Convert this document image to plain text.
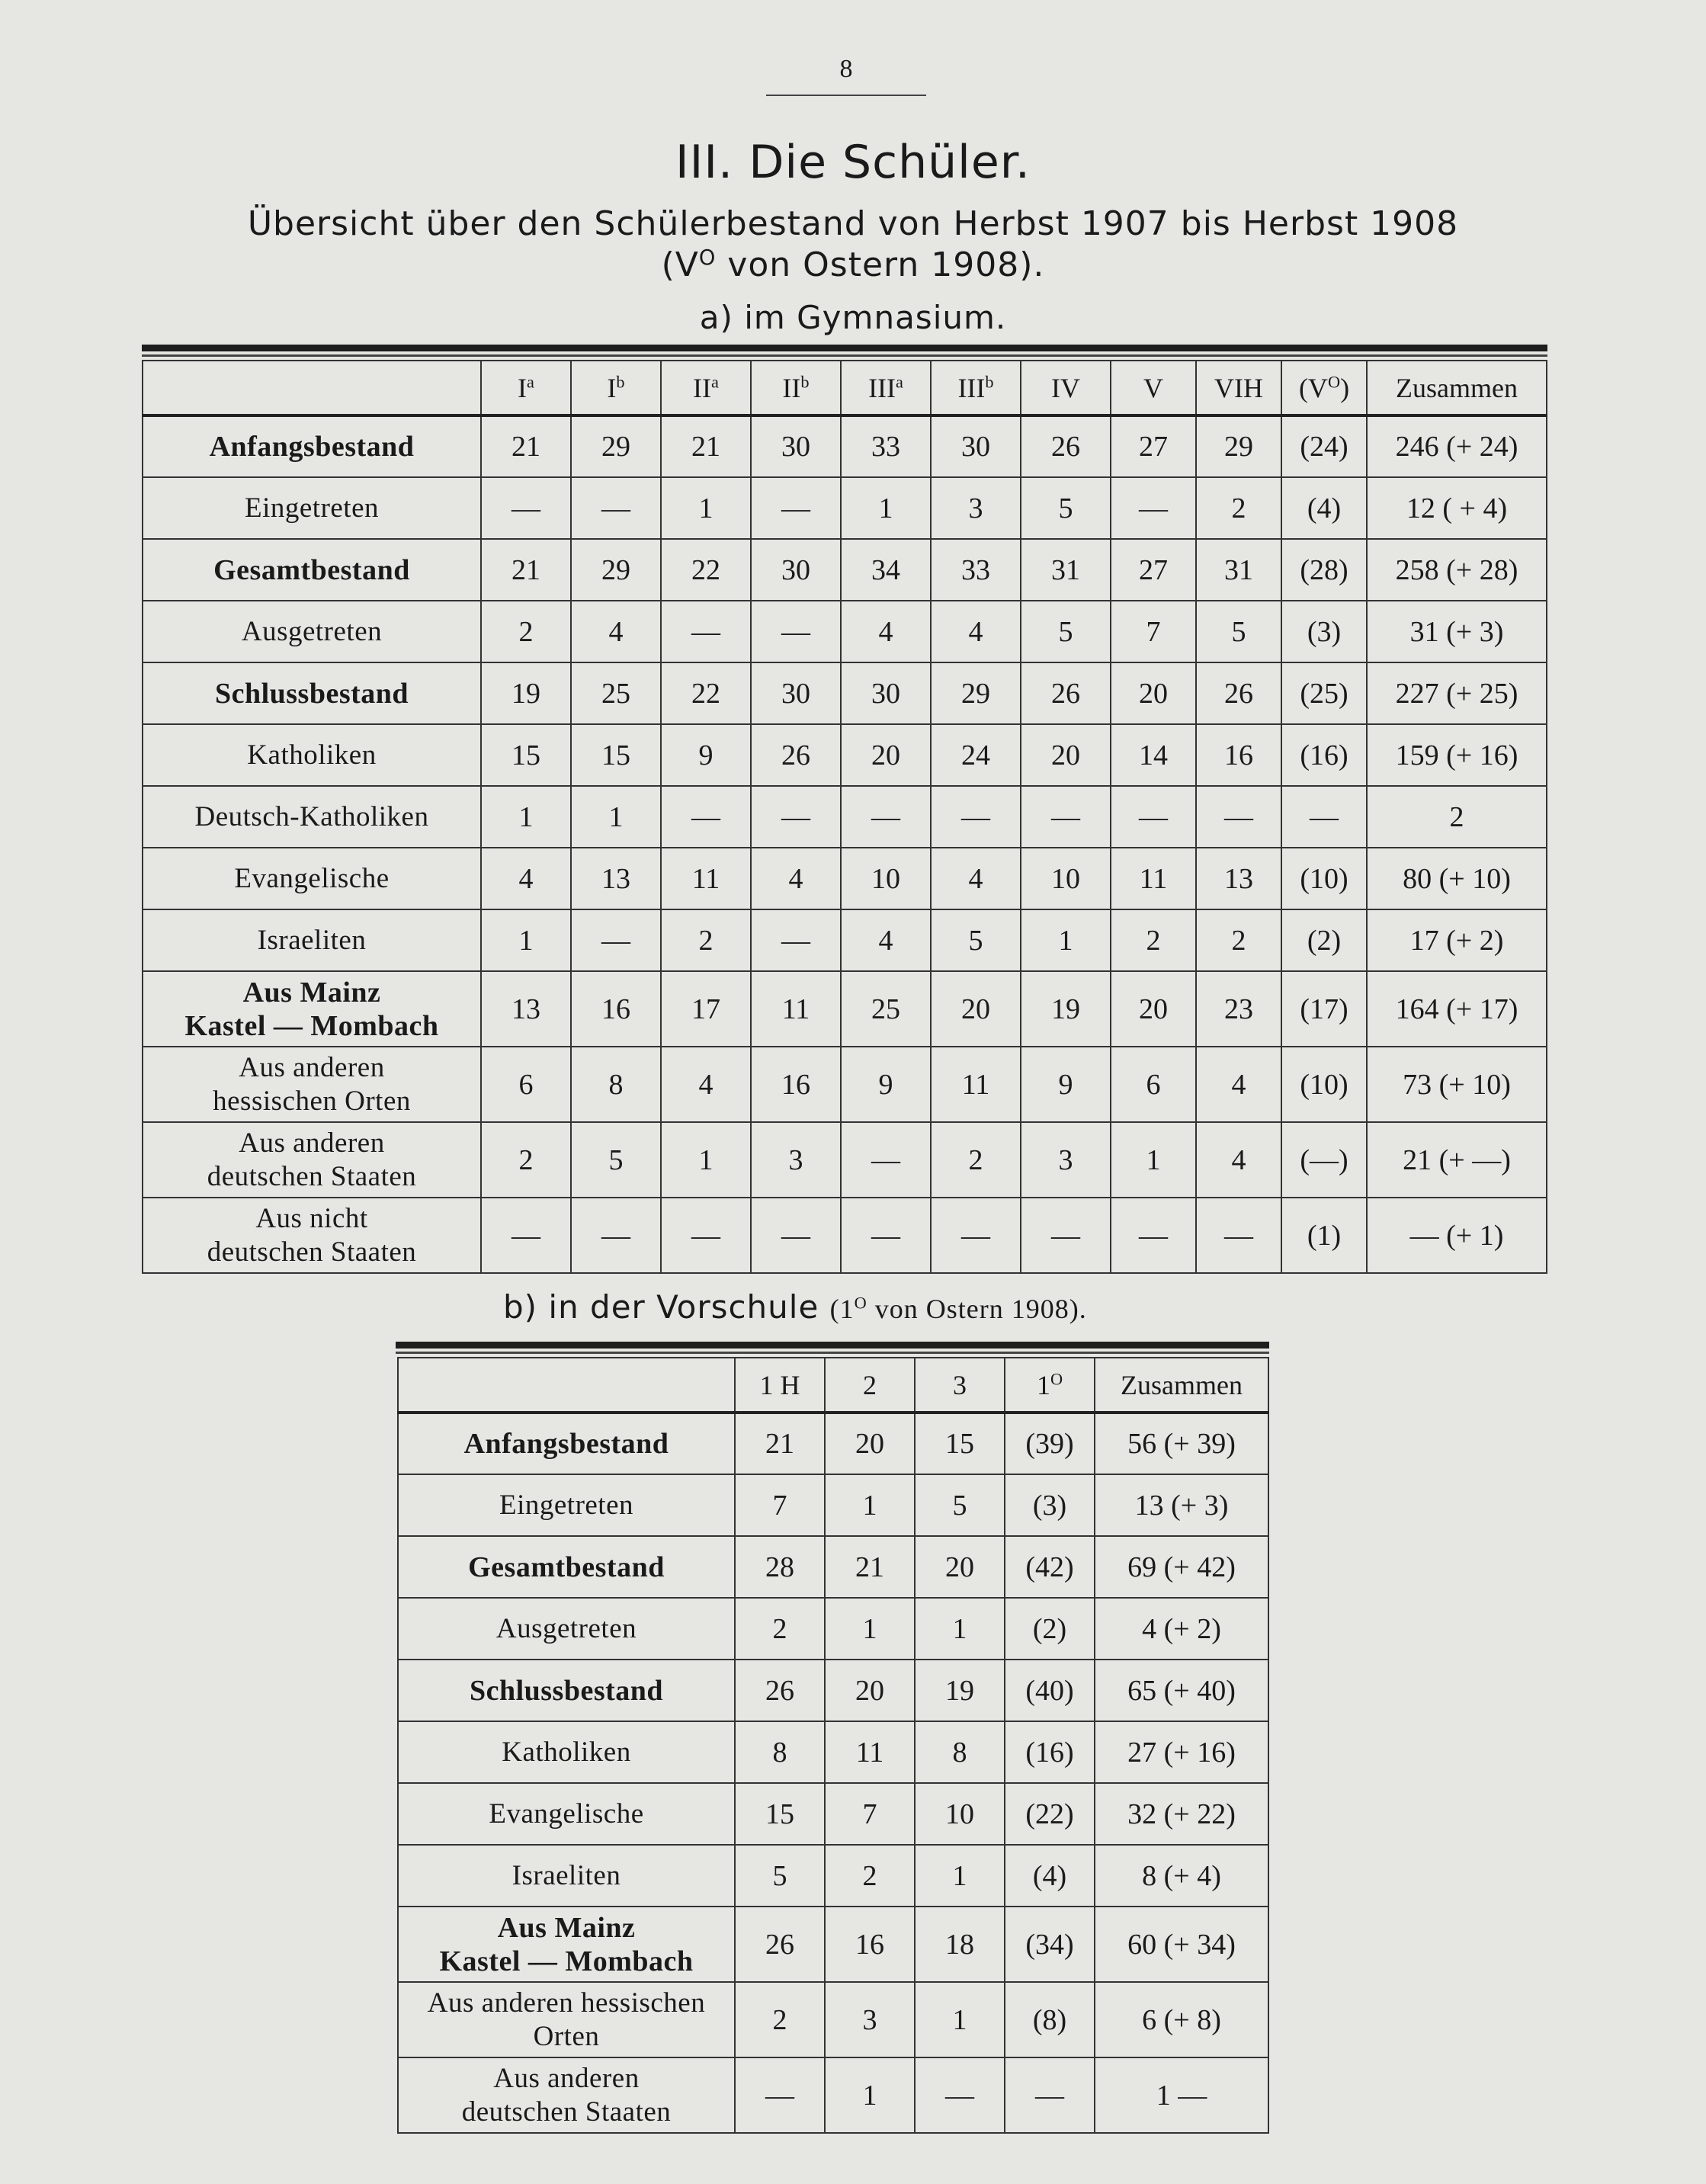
8
III. Die Schüler.
Übersicht über den Schülerbestand von Herbst 1907 bis Herbst 1908
($V^O$ von Ostern 1908).
a) im Gymnasium.
	$I^a$	$I^b$	$II^a$	$II^b$	III$^a$	III$^b$	IV	V	VIH	$(V^O)$	Zusammen
Anfangsbestand	21	29	21	30	33	30	26	27	29	(24)	246 (+ 24)
Eingetreten	—	—	1	—	1	3	5	—	2	(4)	12 ( + 4)
Gesamtbestand	21	29	22	30	34	33	31	27	31	(28)	258 (+ 28)
Ausgetreten	2	4	—	—	4	4	5	7	5	(3)	31 (+ 3)
Schlussbestand	19	25	22	30	30	29	26	20	26	(25)	227 (+ 25)
Katholiken	15	15	9	26	20	24	20	14	16	(16)	159 (+ 16)
Deutsch-Katholiken	1	1	—	—	—	—	—	—	—	—	2
Evangelische	4	13	11	4	10	4	10	11	13	(10)	80 (+ 10)
Israeliten	1	—	2	—	4	5	1	2	2	(2)	17 (+ 2)
Aus Mainz
Kastel — Mombach	13	16	17	11	25	20	19	20	23	(17)	164 (+ 17)
Aus anderen
hessischen Orten	6	8	4	16	9	11	9	6	4	(10)	73 (+ 10)
Aus anderen
deutschen Staaten	2	5	1	3	—	2	3	1	4	(—)	21 (+ —)
Aus nicht
deutschen Staaten	—	—	—	—	—	—	—	—	—	(1)	— (+ 1)
b) in der Vorschule ($1^O$ von Ostern 1908).
	1 H	2	3	$1^O$	Zusammen
Anfangsbestand	21	20	15	(39)	56 (+ 39)
Eingetreten	7	1	5	(3)	13 (+ 3)
Gesamtbestand	28	21	20	(42)	69 (+ 42)
Ausgetreten	2	1	1	(2)	4 (+ 2)
Schlussbestand	26	20	19	(40)	65 (+ 40)
Katholiken	8	11	8	(16)	27 (+ 16)
Evangelische	15	7	10	(22)	32 (+ 22)
Israeliten	5	2	1	(4)	8 (+ 4)
Aus Mainz
Kastel — Mombach	26	16	18	(34)	60 (+ 34)
Aus anderen hessischen
Orten	2	3	1	(8)	6 (+ 8)
Aus anderen
deutschen Staaten	—	1	—	—	1 —
